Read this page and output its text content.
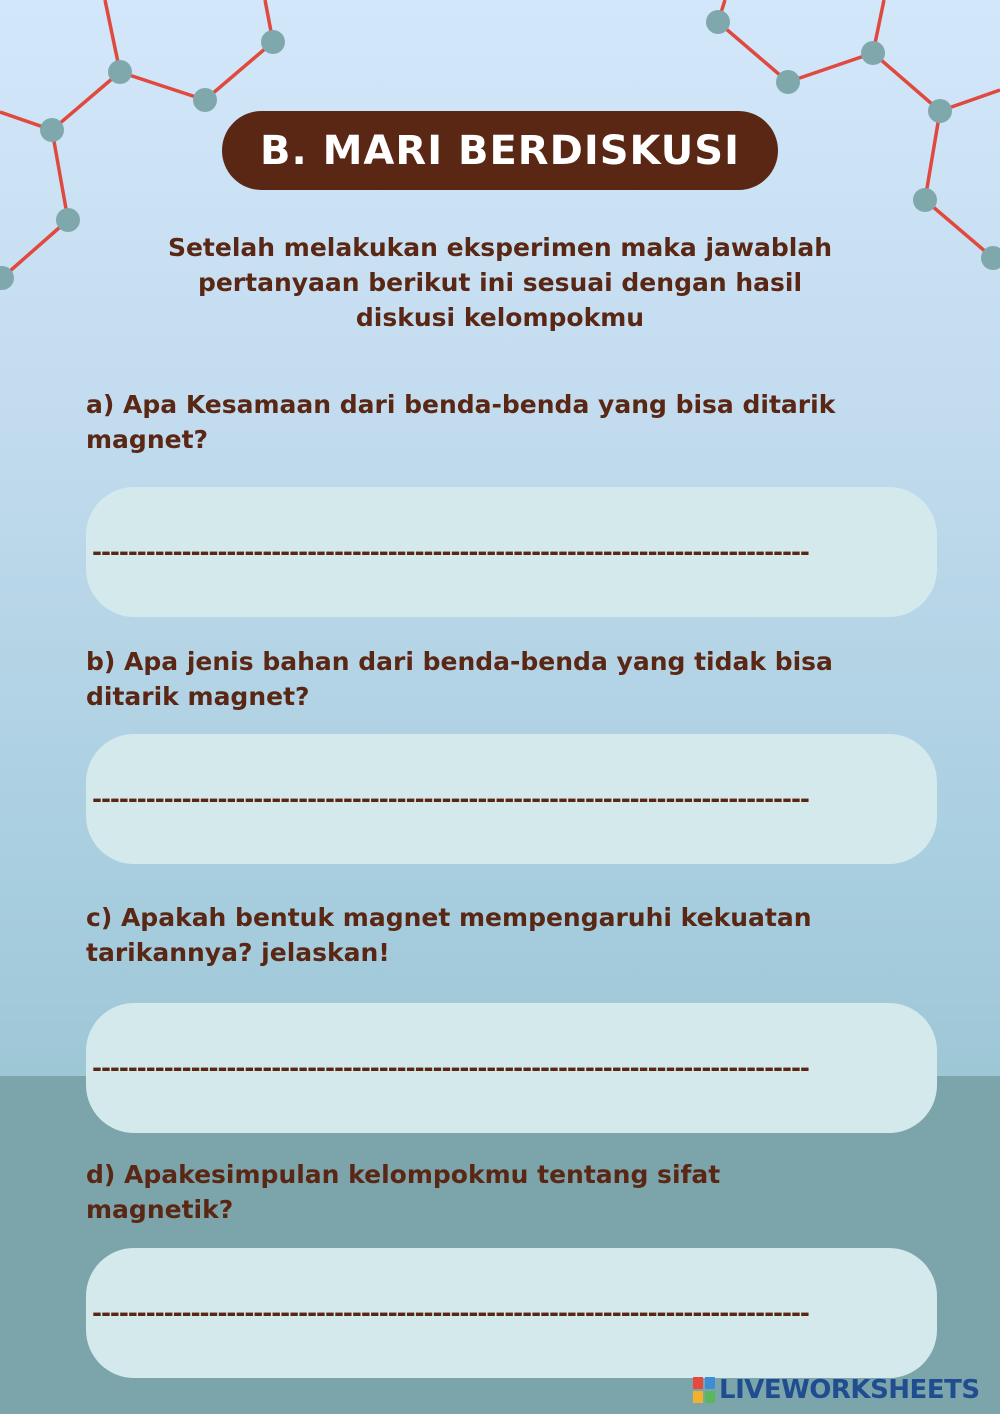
B. MARI BERDISKUSI
Setelah melakukan eksperimen maka jawablah
pertanyaan berikut ini sesuai dengan hasil
diskusi kelompokmu
a) Apa Kesamaan dari benda-benda yang bisa ditarik
magnet?
--------------------------------------------------------------------------------
b) Apa jenis bahan dari benda-benda yang tidak bisa
ditarik magnet?
--------------------------------------------------------------------------------
c) Apakah bentuk magnet mempengaruhi kekuatan
tarikannya? jelaskan!
--------------------------------------------------------------------------------
d) Apakesimpulan kelompokmu tentang sifat
magnetik?
--------------------------------------------------------------------------------
LIVEWORKSHEETS
